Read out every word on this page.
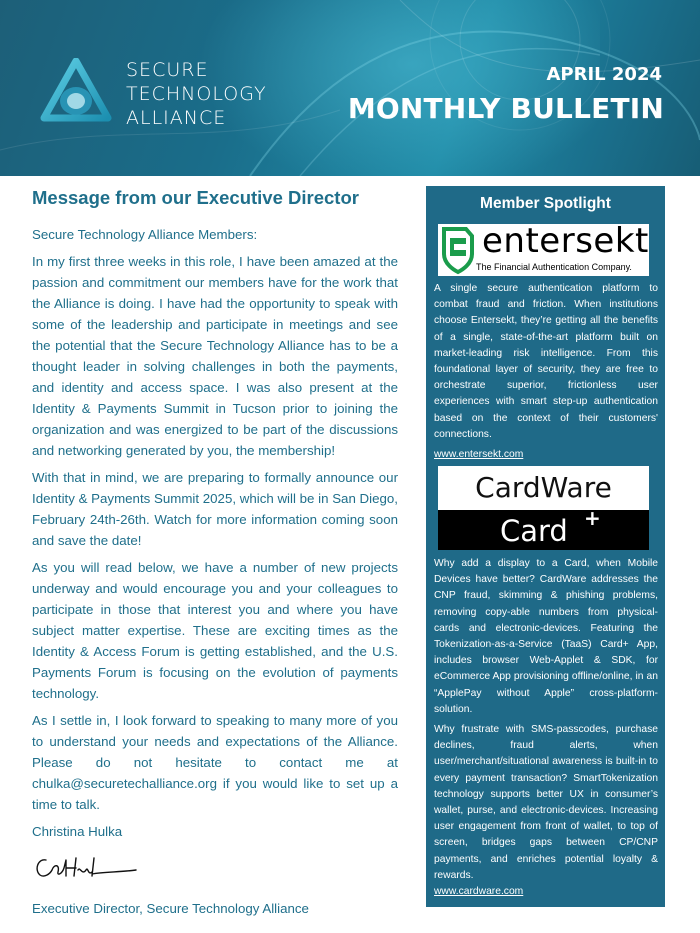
SECURE
TECHNOLOGY
ALLIANCE
APRIL 2024
MONTHLY BULLETIN
Message from our Executive Director

Secure Technology Alliance Members:

In my first three weeks in this role, I have been amazed at the passion and commitment our members have for the work that the Alliance is doing. I have had the opportunity to speak with some of the leadership and participate in meetings and see the potential that the Secure Technology Alliance has to be a thought leader in solving challenges in both the payments, and identity and access space. I was also present at the Identity & Payments Summit in Tucson prior to joining the organization and was energized to be part of the discussions and networking generated by you, the membership!

With that in mind, we are preparing to formally announce our Identity & Payments Summit 2025, which will be in San Diego, February 24th-26th. Watch for more information coming soon and save the date!

As you will read below, we have a number of new projects underway and would encourage you and your colleagues to participate in those that interest you and where you have subject matter expertise. These are exciting times as the Identity & Access Forum is getting established, and the U.S. Payments Forum is focusing on the evolution of payments technology.

As I settle in, I look forward to speaking to many more of you to understand your needs and expectations of the Alliance. Please do not hesitate to contact me at chulka@securetechalliance.org if you would like to set up a time to talk.

Christina Hulka

Executive Director, Secure Technology Alliance

Member Spotlight
entersekt
The Financial Authentication Company.

A single secure authentication platform to combat fraud and friction. When institutions choose Entersekt, they’re getting all the benefits of a single, state-of-the-art platform built on market-leading risk intelligence. From this foundational layer of security, they are free to orchestrate superior, frictionless user experiences with smart step-up authentication based on the context of their customers' connections.

www.entersekt.com
CardWare
Card +

Why add a display to a Card, when Mobile Devices have better? CardWare addresses the CNP fraud, skimming & phishing problems, removing copy-able numbers from physical-cards and electronic-devices. Featuring the Tokenization-as-a-Service (TaaS) Card+ App, includes browser Web-Applet & SDK, for eCommerce App provisioning offline/online, in an “ApplePay without Apple” cross-platform-solution.

Why frustrate with SMS-passcodes, purchase declines, fraud alerts, when user/merchant/situational awareness is built-in to every payment transaction? SmartTokenization technology supports better UX in consumer’s wallet, purse, and electronic-devices. Increasing user engagement from front of wallet, to top of screen, bridges gaps between CP/CNP payments, and enriches potential loyalty & rewards.

www.cardware.com
